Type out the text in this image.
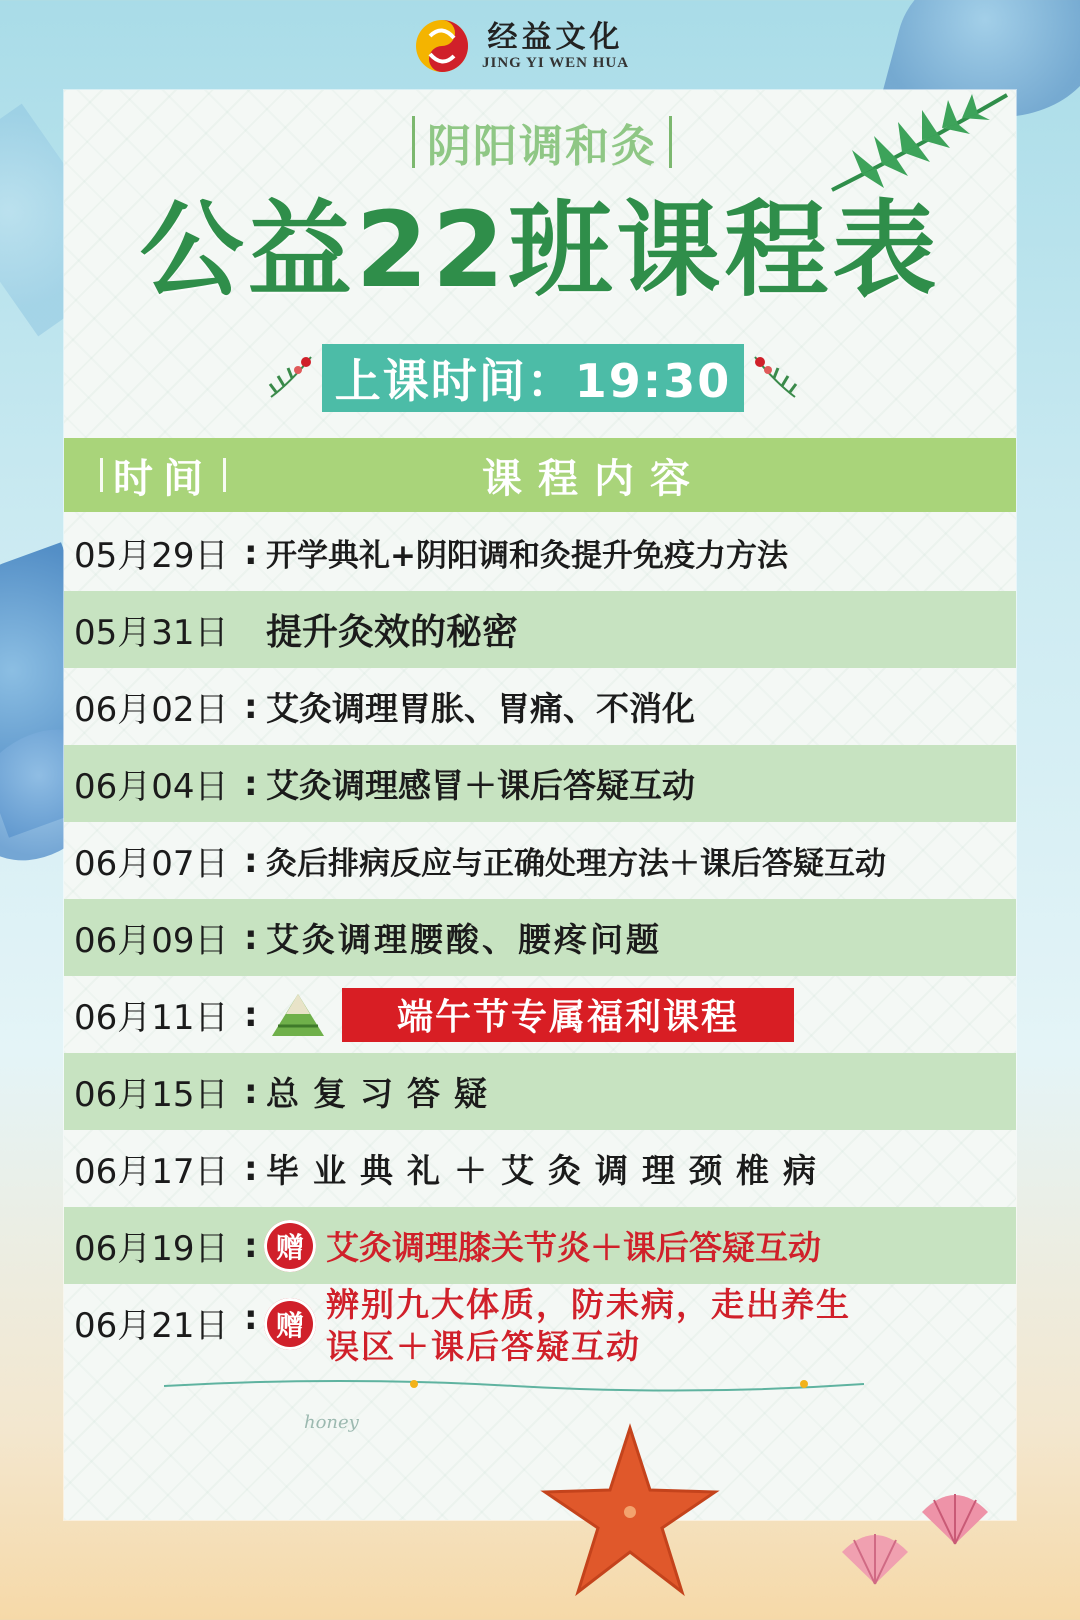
经益文化
JING YI WEN HUA
阴阳调和灸
公益22班课程表
上课时间：19:30
时间	课程内容
05月29日 : 开学典礼+阴阳调和灸提升免疫力方法
05月31日 提升灸效的秘密
06月02日 : 艾灸调理胃胀、胃痛、不消化
06月04日 : 艾灸调理感冒＋课后答疑互动
06月07日 : 灸后排病反应与正确处理方法＋课后答疑互动
06月09日 : 艾灸调理腰酸、腰疼问题
06月11日 :	端午节专属福利课程
06月15日 : 总复习答疑
06月17日 : 毕业典礼＋艾灸调理颈椎病
06月19日 : 赠 艾灸调理膝关节炎＋课后答疑互动
06月21日 : 赠
辨别九大体质，防未病，走出养生
误区＋课后答疑互动
honey
